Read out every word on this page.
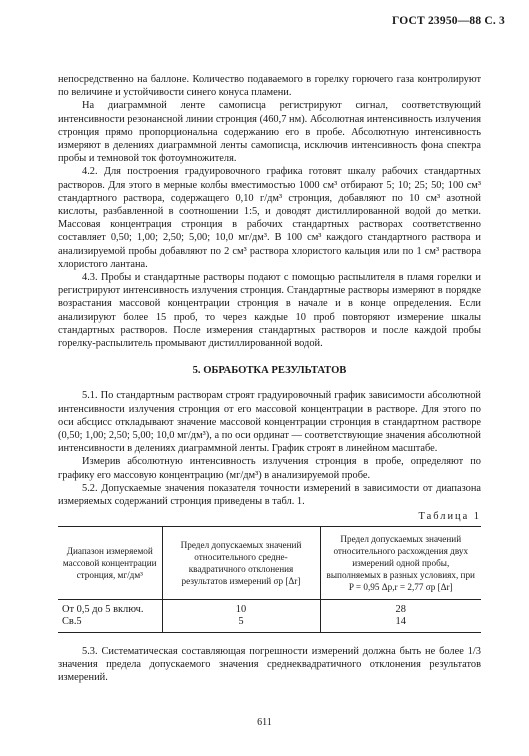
ГОСТ 23950—88 С. 3

непосредственно на баллоне. Количество подаваемого в горелку горючего газа контролируют по величине и устойчивости синего конуса пламени.

На диаграммной ленте самописца регистрируют сигнал, соответствующий интенсивности резонансной линии стронция (460,7 нм). Абсолютная интенсивность излучения стронция прямо пропорциональна содержанию его в пробе. Абсолютную интенсивность измеряют в делениях диаграммной ленты самописца, исключив интенсивность фона спектра пробы и темновой ток фотоумножителя.

4.2. Для построения градуировочного графика готовят шкалу рабочих стандартных растворов. Для этого в мерные колбы вместимостью 1000 см³ отбирают 5; 10; 25; 50; 100 см³ стандартного раствора, содержащего 0,10 г/дм³ стронция, добавляют по 10 см³ азотной кислоты, разбавленной в соотношении 1:5, и доводят дистиллированной водой до метки. Массовая концентрация стронция в рабочих стандартных растворах соответственно составляет 0,50; 1,00; 2,50; 5,00; 10,0 мг/дм³. В 100 см³ каждого стандартного раствора и анализируемой пробы добавляют по 2 см³ раствора хлористого кальция или по 1 см³ раствора хлористого лантана.

4.3. Пробы и стандартные растворы подают с помощью распылителя в пламя горелки и регистрируют интенсивность излучения стронция. Стандартные растворы измеряют в порядке возрастания массовой концентрации стронция в начале и в конце определения. Если анализируют более 15 проб, то через каждые 10 проб повторяют измерение шкалы стандартных растворов. После измерения стандартных растворов и после каждой пробы горелку-распылитель промывают дистиллированной водой.

5. ОБРАБОТКА РЕЗУЛЬТАТОВ

5.1. По стандартным растворам строят градуировочный график зависимости абсолютной интенсивности излучения стронция от его массовой концентрации в растворе. Для этого по оси абсцисс откладывают значение массовой концентрации стронция в стандартном растворе (0,50; 1,00; 2,50; 5,00; 10,0 мг/дм³), а по оси ординат — соответствующие значения абсолютной интенсивности в делениях диаграммной ленты. График строят в линейном масштабе.

Измерив абсолютную интенсивность излучения стронция в пробе, определяют по графику его массовую концентрацию (мг/дм³) в анализируемой пробе.

5.2. Допускаемые значения показателя точности измерений в зависимости от диапазона измеряемых содержаний стронция приведены в табл. 1.

Таблица 1
Диапазон измеряемой массовой концентрации стронция, мг/дм³	Предел допускаемых значений относительного средне-квадратичного отклонения результатов измерений σр [Δr]	Предел допускаемых значений относительного расхождения двух измерений одной пробы, выполняемых в разных условиях, при P = 0,95 Δр,r = 2,77 σр [Δr]
От 0,5 до 5 включ.	10	28
Св.5	5	14

5.3. Систематическая составляющая погрешности измерений должна быть не более 1/3 значения предела допускаемого значения среднеквадратичного отклонения результатов измерений.

611
